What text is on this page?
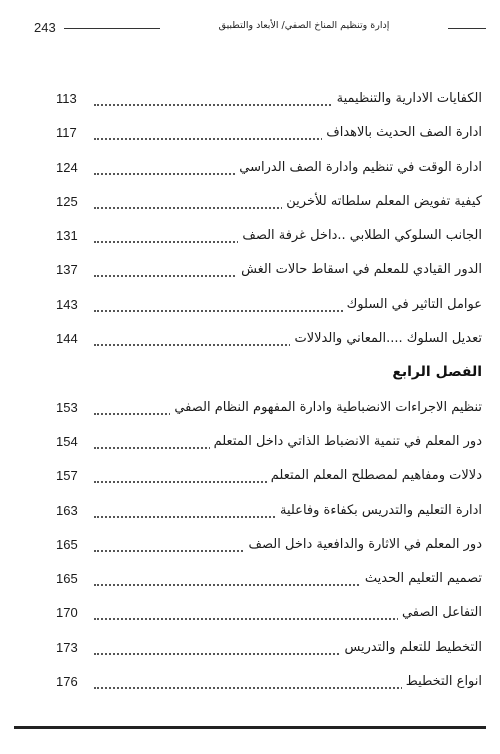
243	إدارة وتنظيم المناخ الصفي/ الأبعاد والتطبيق
الكفايات الادارية والتنظيمية
113
ادارة الصف الحديث بالاهداف
117
ادارة الوقت في تنظيم وادارة الصف الدراسي
124
كيفية تفويض المعلم سلطاته للأخرين
125
الجانب السلوكي الطلابي ..داخل غرفة الصف
131
الدور القيادي للمعلم في اسقاط حالات الغش
137
عوامل التاثير في السلوك
143
تعديل السلوك ....المعاني والدلالات
144
الفصل الرابع
تنظيم الاجراءات الانضباطية وادارة المفهوم النظام الصفي
153
دور المعلم في تنمية الانضباط الذاتي داخل المتعلم
154
دلالات ومفاهيم لمصطلح المعلم المتعلم
157
ادارة التعليم والتدريس بكفاءة وفاعلية
163
دور المعلم في الاثارة والدافعية داخل الصف
165
تصميم التعليم الحديث
165
التفاعل الصفي
170
التخطيط للتعلم والتدريس
173
انواع التخطيط
176
